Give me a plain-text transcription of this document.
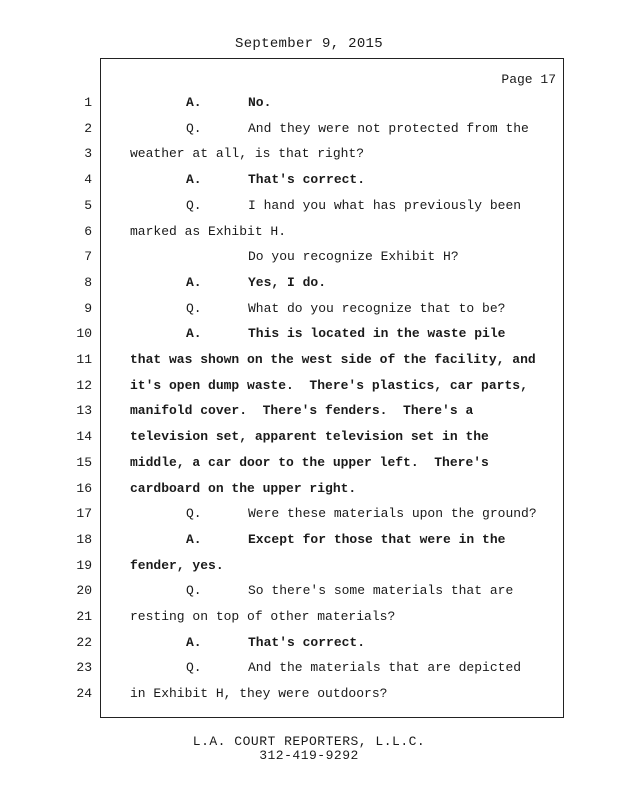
September 9, 2015
Page 17
1	A.	No.
2	Q.	And they were not protected from the
3	weather at all, is that right?
4	A.	That's correct.
5	Q.	I hand you what has previously been
6	marked as Exhibit H.
7	Do you recognize Exhibit H?
8	A.	Yes, I do.
9	Q.	What do you recognize that to be?
10	A.	This is located in the waste pile
11	that was shown on the west side of the facility, and
12	it's open dump waste.  There's plastics, car parts,
13	manifold cover.  There's fenders.  There's a
14	television set, apparent television set in the
15	middle, a car door to the upper left.  There's
16	cardboard on the upper right.
17	Q.	Were these materials upon the ground?
18	A.	Except for those that were in the
19	fender, yes.
20	Q.	So there's some materials that are
21	resting on top of other materials?
22	A.	That's correct.
23	Q.	And the materials that are depicted
24	in Exhibit H, they were outdoors?
L.A. COURT REPORTERS, L.L.C.
312-419-9292
